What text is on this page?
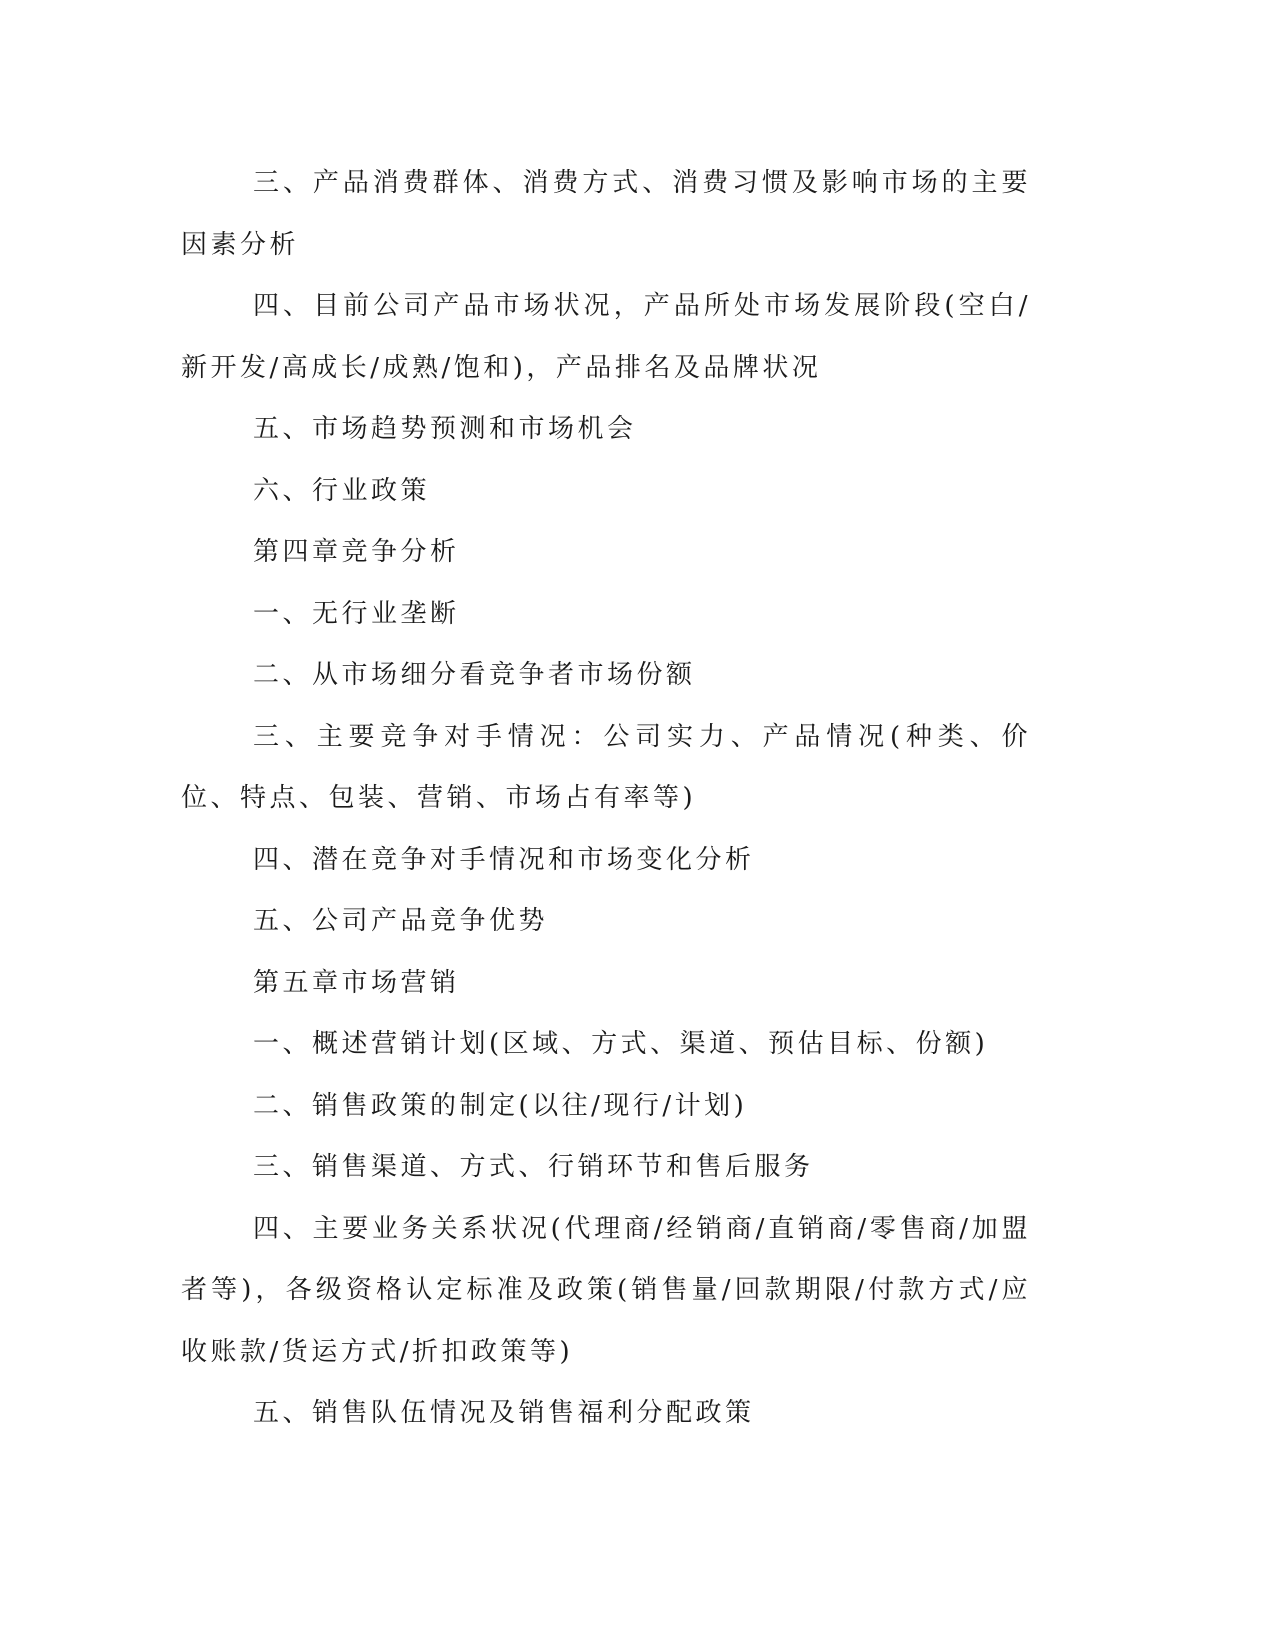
三、产品消费群体、消费方式、消费习惯及影响市场的主要因素分析

四、目前公司产品市场状况，产品所处市场发展阶段(空白/新开发/高成长/成熟/饱和)，产品排名及品牌状况

五、市场趋势预测和市场机会

六、行业政策

第四章竞争分析

一、无行业垄断

二、从市场细分看竞争者市场份额

三、主要竞争对手情况：公司实力、产品情况(种类、价位、特点、包装、营销、市场占有率等)

四、潜在竞争对手情况和市场变化分析

五、公司产品竞争优势

第五章市场营销

一、概述营销计划(区域、方式、渠道、预估目标、份额)

二、销售政策的制定(以往/现行/计划)

三、销售渠道、方式、行销环节和售后服务

四、主要业务关系状况(代理商/经销商/直销商/零售商/加盟者等)，各级资格认定标准及政策(销售量/回款期限/付款方式/应收账款/货运方式/折扣政策等)

五、销售队伍情况及销售福利分配政策
